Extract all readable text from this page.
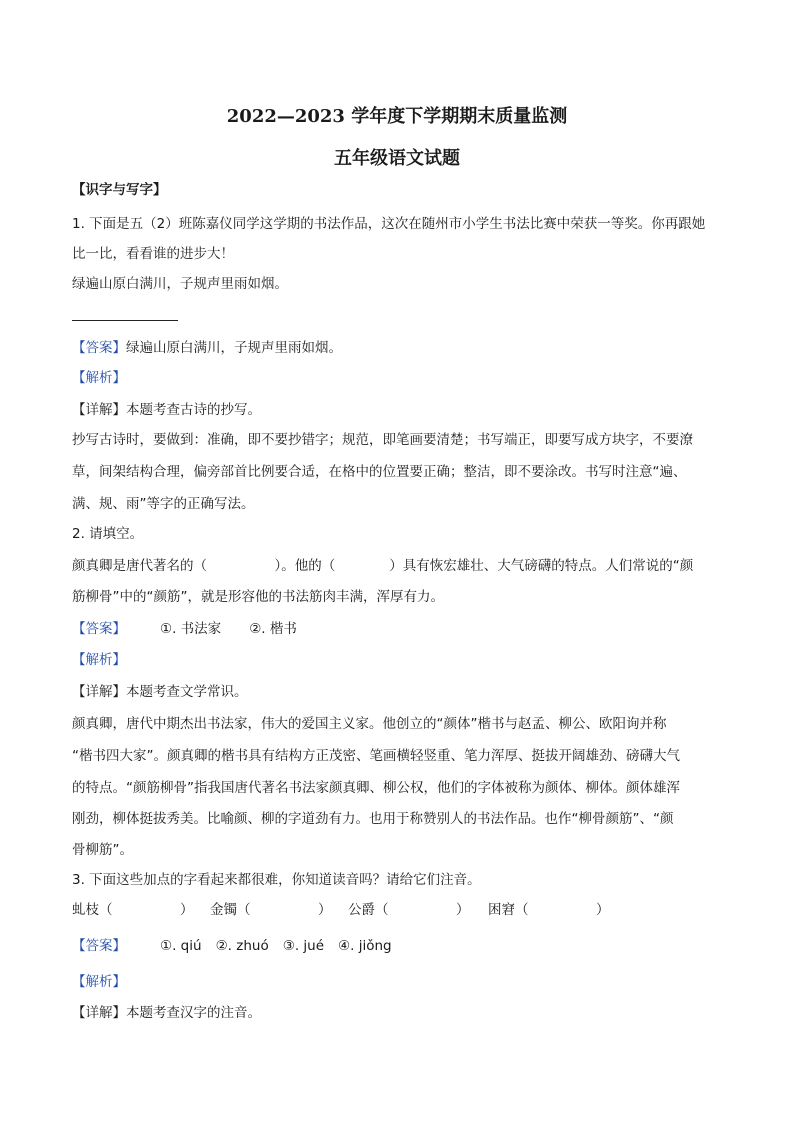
2022—2023 学年度下学期期末质量监测
五年级语文试题
【识字与写字】
1. 下面是五（2）班陈嘉仪同学这学期的书法作品，这次在随州市小学生书法比赛中荣获一等奖。你再跟她
比一比，看看谁的进步大！
绿遍山原白满川，子规声里雨如烟。
【答案】绿遍山原白满川，子规声里雨如烟。
【解析】
【详解】本题考查古诗的抄写。
抄写古诗时，要做到：准确，即不要抄错字；规范，即笔画要清楚；书写端正，即要写成方块字，不要潦
草，间架结构合理，偏旁部首比例要合适，在格中的位置要正确；整洁，即不要涂改。书写时注意“遍、
满、规、雨”等字的正确写法。
2. 请填空。
颜真卿是唐代著名的（　　　　　）。他的（　　　　）具有恢宏雄壮、大气磅礴的特点。人们常说的“颜
筋柳骨”中的“颜筋”，就是形容他的书法筋肉丰满，浑厚有力。
【答案】	①. 书法家 ②. 楷书
【解析】
【详解】本题考查文学常识。
颜真卿，唐代中期杰出书法家，伟大的爱国主义家。他创立的“颜体”楷书与赵孟、柳公、欧阳询并称
“楷书四大家”。颜真卿的楷书具有结构方正茂密、笔画横轻竖重、笔力浑厚、挺拔开阔雄劲、磅礴大气
的特点。“颜筋柳骨”指我国唐代著名书法家颜真卿、柳公权，他们的字体被称为颜体、柳体。颜体雄浑
刚劲，柳体挺拔秀美。比喻颜、柳的字道劲有力。也用于称赞别人的书法作品。也作“柳骨颜筋”、“颜
骨柳筋”。
3. 下面这些加点的字看起来都很难，你知道读音吗？请给它们注音。
虬枝（　　　　　） 金镯（　　　　　） 公爵（　　　　　） 困窘（　　　　　）
【答案】	①. qiú ②. zhuó ③. jué ④. jiǒng
【解析】
【详解】本题考查汉字的注音。
